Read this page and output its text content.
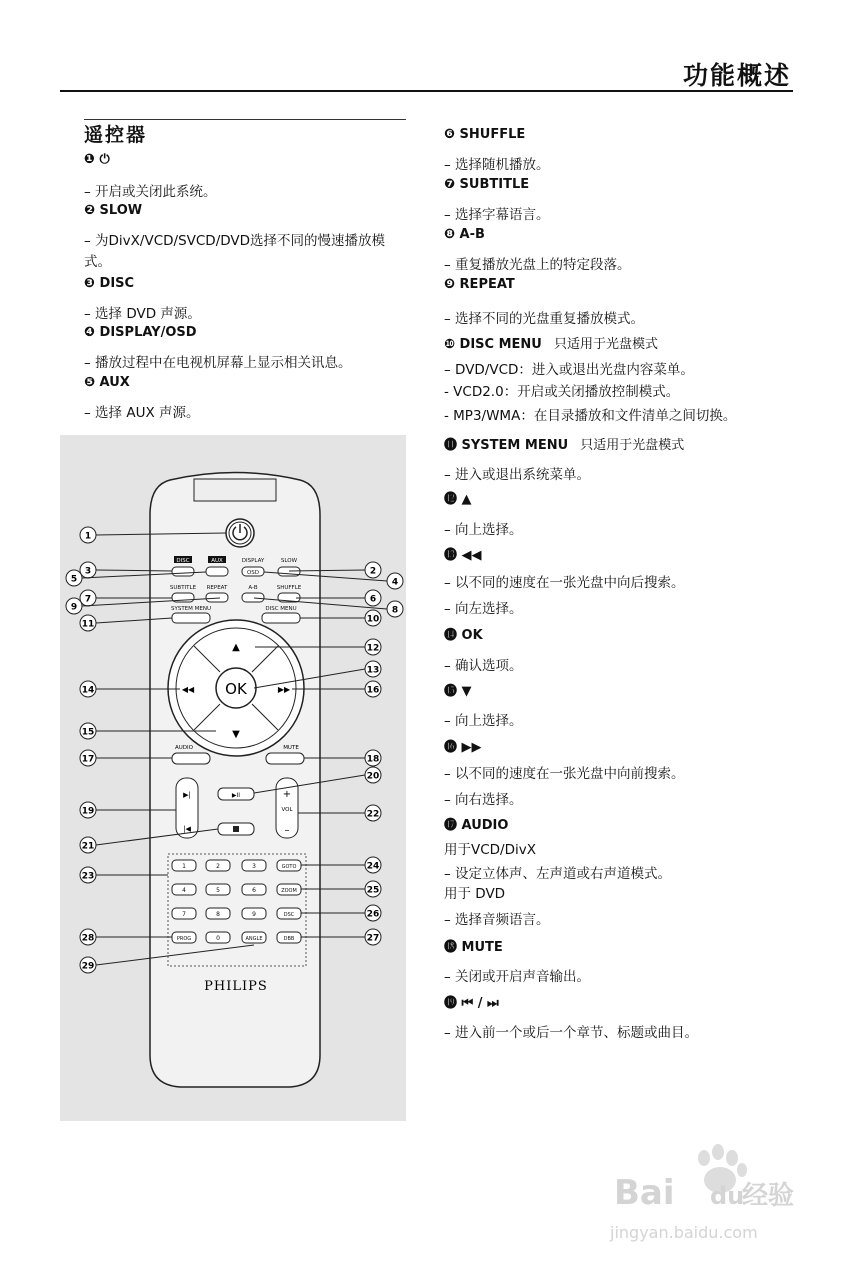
功能概述
遥控器
❶ ⏻
– 开启或关闭此系统。
❷ SLOW
– 为DivX/VCD/SVCD/DVD选择不同的慢速播放模
式。
❸ DISC
– 选择 DVD 声源。
❹ DISPLAY/OSD
– 播放过程中在电视机屏幕上显示相关讯息。
❺ AUX
– 选择 AUX 声源。
❻ SHUFFLE
– 选择随机播放。
❼ SUBTITLE
– 选择字幕语言。
❽ A-B
– 重复播放光盘上的特定段落。
❾ REPEAT
– 选择不同的光盘重复播放模式。
❿ DISC MENU 只适用于光盘模式
– DVD/VCD：进入或退出光盘内容菜单。
- VCD2.0：开启或关闭播放控制模式。
- MP3/WMA：在目录播放和文件清单之间切换。
⓫ SYSTEM MENU 只适用于光盘模式
– 进入或退出系统菜单。
⓬ ▲
– 向上选择。
⓭ ◀◀
– 以不同的速度在一张光盘中向后搜索。
– 向左选择。
⓮ OK
– 确认选项。
⓯ ▼
– 向上选择。
⓰ ▶▶
– 以不同的速度在一张光盘中向前搜索。
– 向右选择。
⓱ AUDIO
用于VCD/DivX
– 设定立体声、左声道或右声道模式。
用于 DVD
– 选择音频语言。
⓲ MUTE
– 关闭或开启声音输出。
⓳ ⏮ / ⏭
– 进入前一个或后一个章节、标题或曲目。
DISC	AUX	DISPLAY
OSD
SLOW
SUBTITLE REPEAT	A-B	SHUFFLE
SYSTEM MENU	DISC MENU
OK
▲
▼
◀◀	▶▶
AUDIO	MUTE
▶|
|◀
+
VOL
–
▶II
1	2	3
4	5	6
7	8	9
0
GOTO
ZOOM
DSC
DBB
PROG	ANGLE
PHILIPS
1
2
3
4
5
6
7
8
9
10
11
12
13
14
15
16
17	18
19
20
21
22
23
24
25
26
27
28
29
Bai du
经验
jingyan.baidu.com
